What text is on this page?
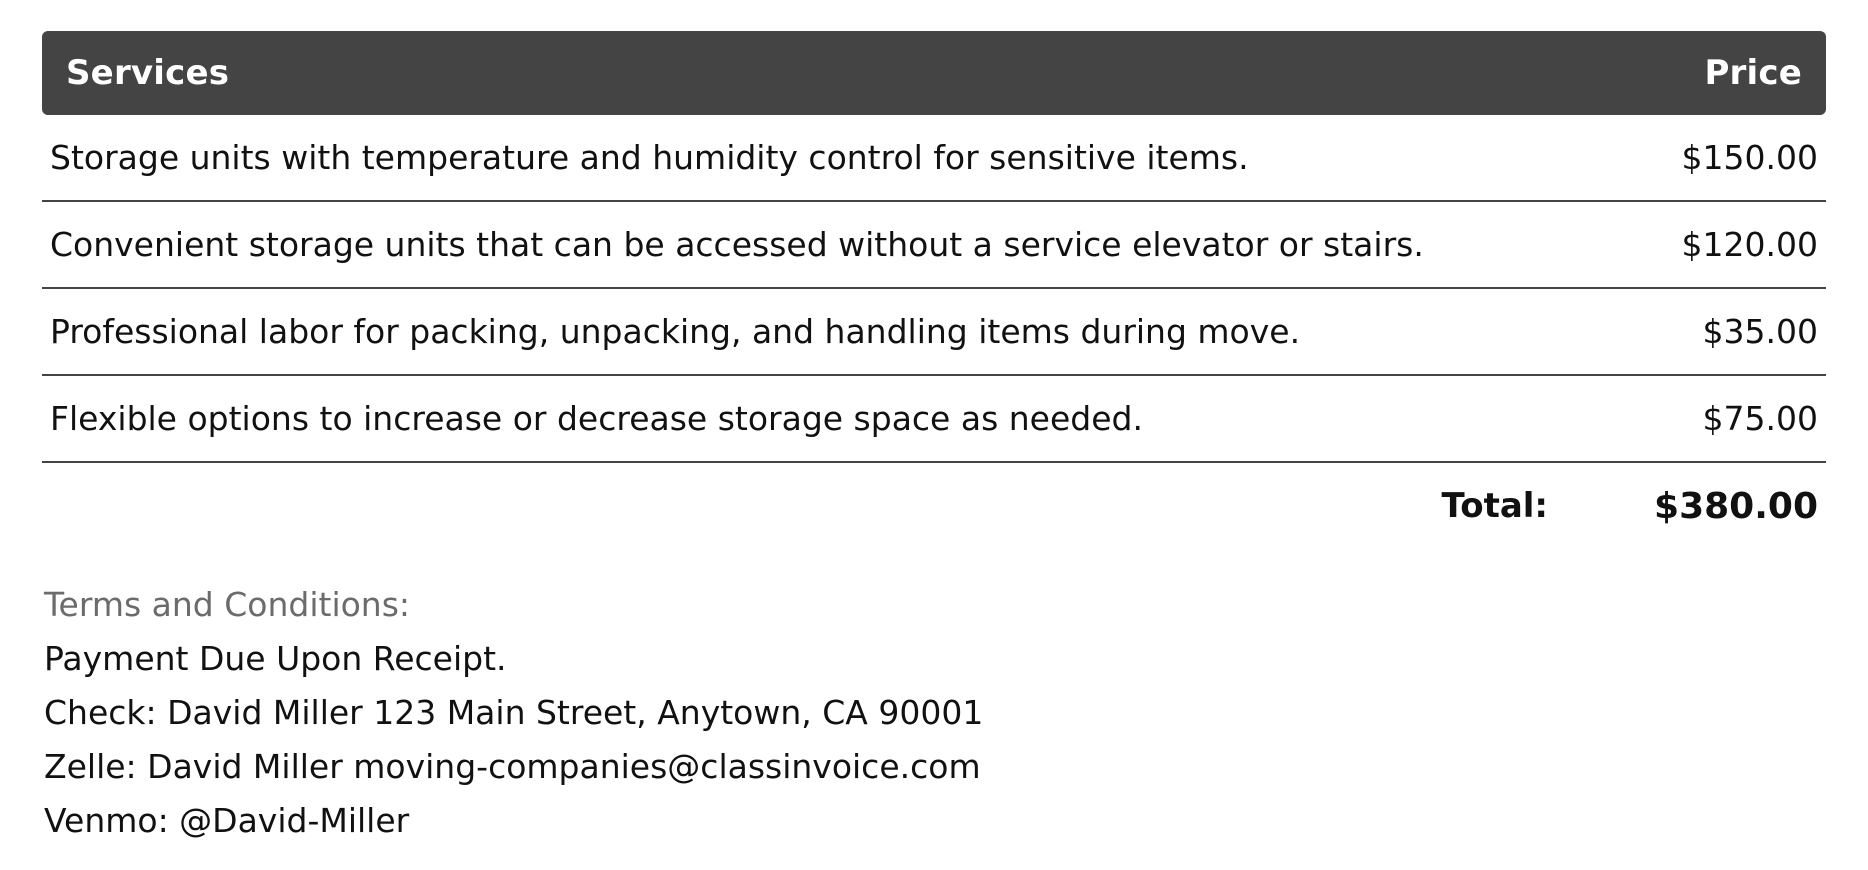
Services	Price
Storage units with temperature and humidity control for sensitive items.	$150.00
Convenient storage units that can be accessed without a service elevator or stairs.	$120.00
Professional labor for packing, unpacking, and handling items during move.	$35.00
Flexible options to increase or decrease storage space as needed.	$75.00
Total:	$380.00
Terms and Conditions:
Payment Due Upon Receipt.
Check: David Miller 123 Main Street, Anytown, CA 90001
Zelle: David Miller moving-companies@classinvoice.com
Venmo: @David-Miller
